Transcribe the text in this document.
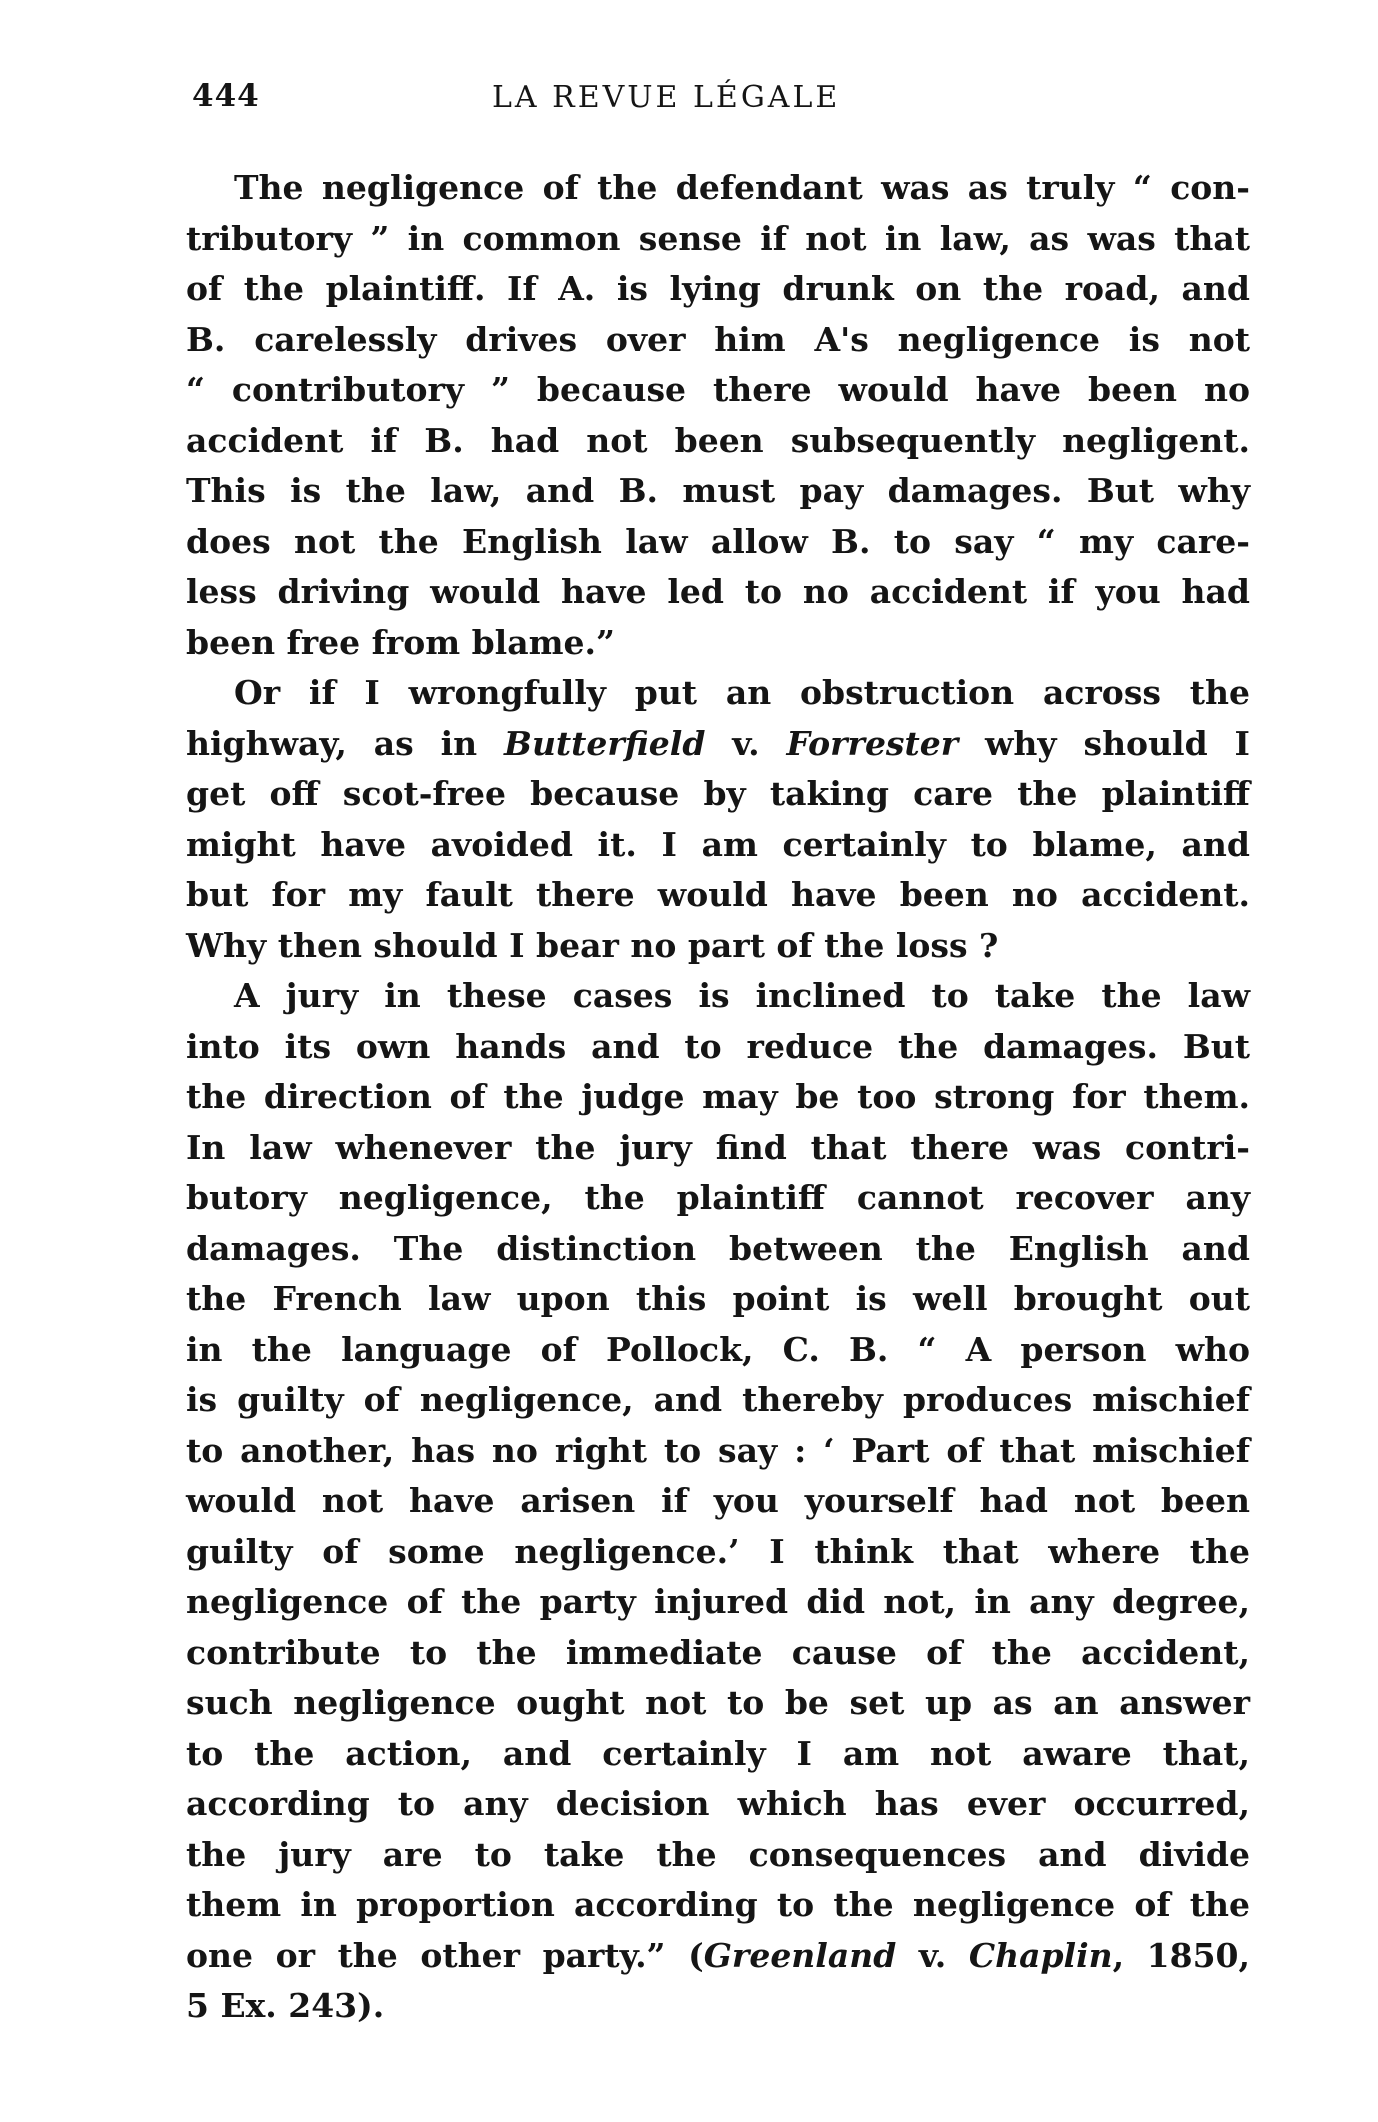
444	LA REVUE LÉGALE
The negligence of the defendant was as truly “ con-
tributory ” in common sense if not in law, as was that
of the plaintiff. If A. is lying drunk on the road, and
B. carelessly drives over him A's negligence is not
“ contributory ” because there would have been no
accident if B. had not been subsequently negligent.
This is the law, and B. must pay damages. But why
does not the English law allow B. to say “ my care-
less driving would have led to no accident if you had
been free from blame.”
Or if I wrongfully put an obstruction across the
highway, as in Butterfield v. Forrester why should I
get off scot-free because by taking care the plaintiff
might have avoided it. I am certainly to blame, and
but for my fault there would have been no accident.
Why then should I bear no part of the loss ?
A jury in these cases is inclined to take the law
into its own hands and to reduce the damages. But
the direction of the judge may be too strong for them.
In law whenever the jury find that there was contri-
butory negligence, the plaintiff cannot recover any
damages. The distinction between the English and
the French law upon this point is well brought out
in the language of Pollock, C. B. “ A person who
is guilty of negligence, and thereby produces mischief
to another, has no right to say : ‘ Part of that mischief
would not have arisen if you yourself had not been
guilty of some negligence.’ I think that where the
negligence of the party injured did not, in any degree,
contribute to the immediate cause of the accident,
such negligence ought not to be set up as an answer
to the action, and certainly I am not aware that,
according to any decision which has ever occurred,
the jury are to take the consequences and divide
them in proportion according to the negligence of the
one or the other party.” (Greenland v. Chaplin, 1850,
5 Ex. 243).
